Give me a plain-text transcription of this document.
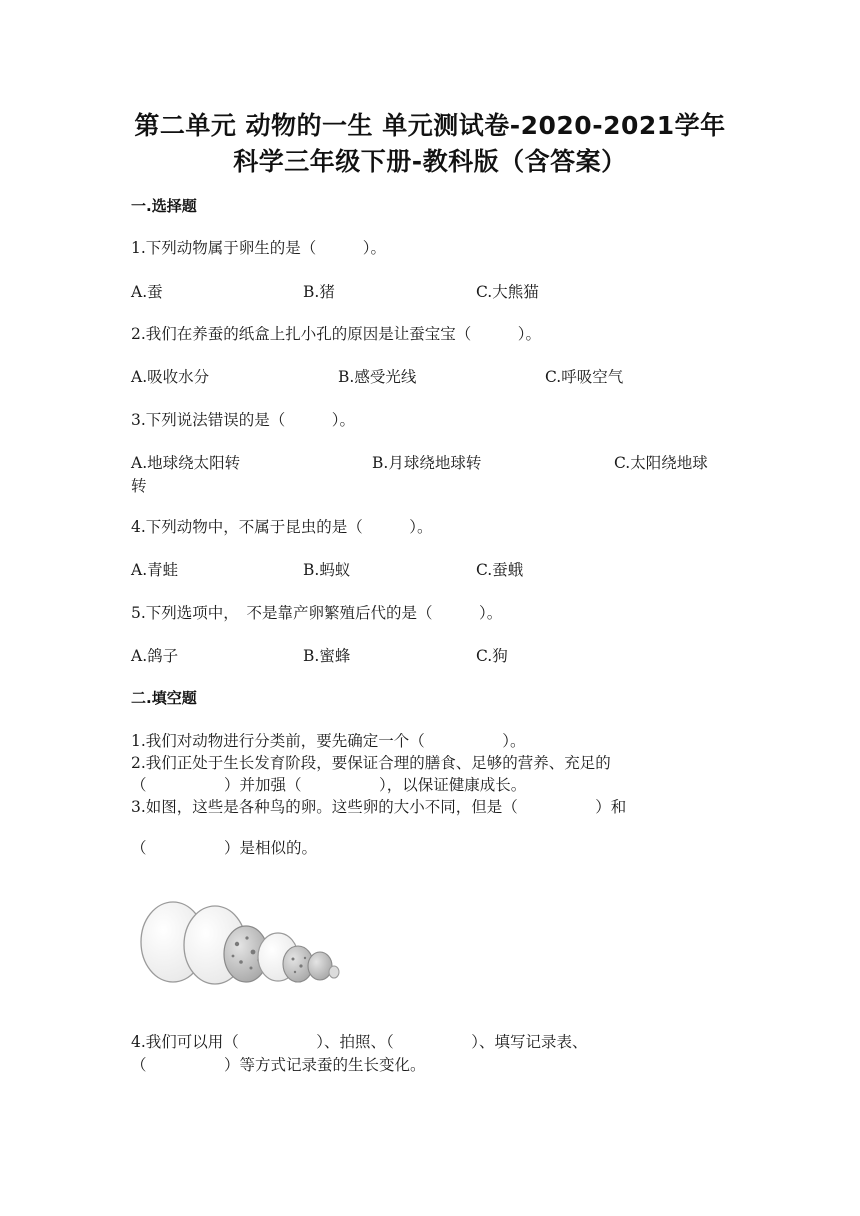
第二单元 动物的一生 单元测试卷-2020-2021学年
科学三年级下册-教科版（含答案）
一.选择题
1.下列动物属于卵生的是（　　　）。
A.蚕	B.猪	C.大熊猫
2.我们在养蚕的纸盒上扎小孔的原因是让蚕宝宝（　　　）。
A.吸收水分	B.感受光线	C.呼吸空气
3.下列说法错误的是（　　　）。
A.地球绕太阳转	B.月球绕地球转	C.太阳绕地球
转
4.下列动物中，不属于昆虫的是（　　　）。
A.青蛙	B.蚂蚁	C.蚕蛾
5.下列选项中，　不是靠产卵繁殖后代的是（　　　）。
A.鸽子	B.蜜蜂	C.狗
二.填空题
1.我们对动物进行分类前，要先确定一个（　　　　　）。
2.我们正处于生长发育阶段，要保证合理的膳食、足够的营养、充足的
（　　　　　）并加强（　　　　　），以保证健康成长。
3.如图，这些是各种鸟的卵。这些卵的大小不同，但是（　　　　　）和
（　　　　　）是相似的。
4.我们可以用（　　　　　）、拍照、（　　　　　）、填写记录表、
（　　　　　）等方式记录蚕的生长变化。
